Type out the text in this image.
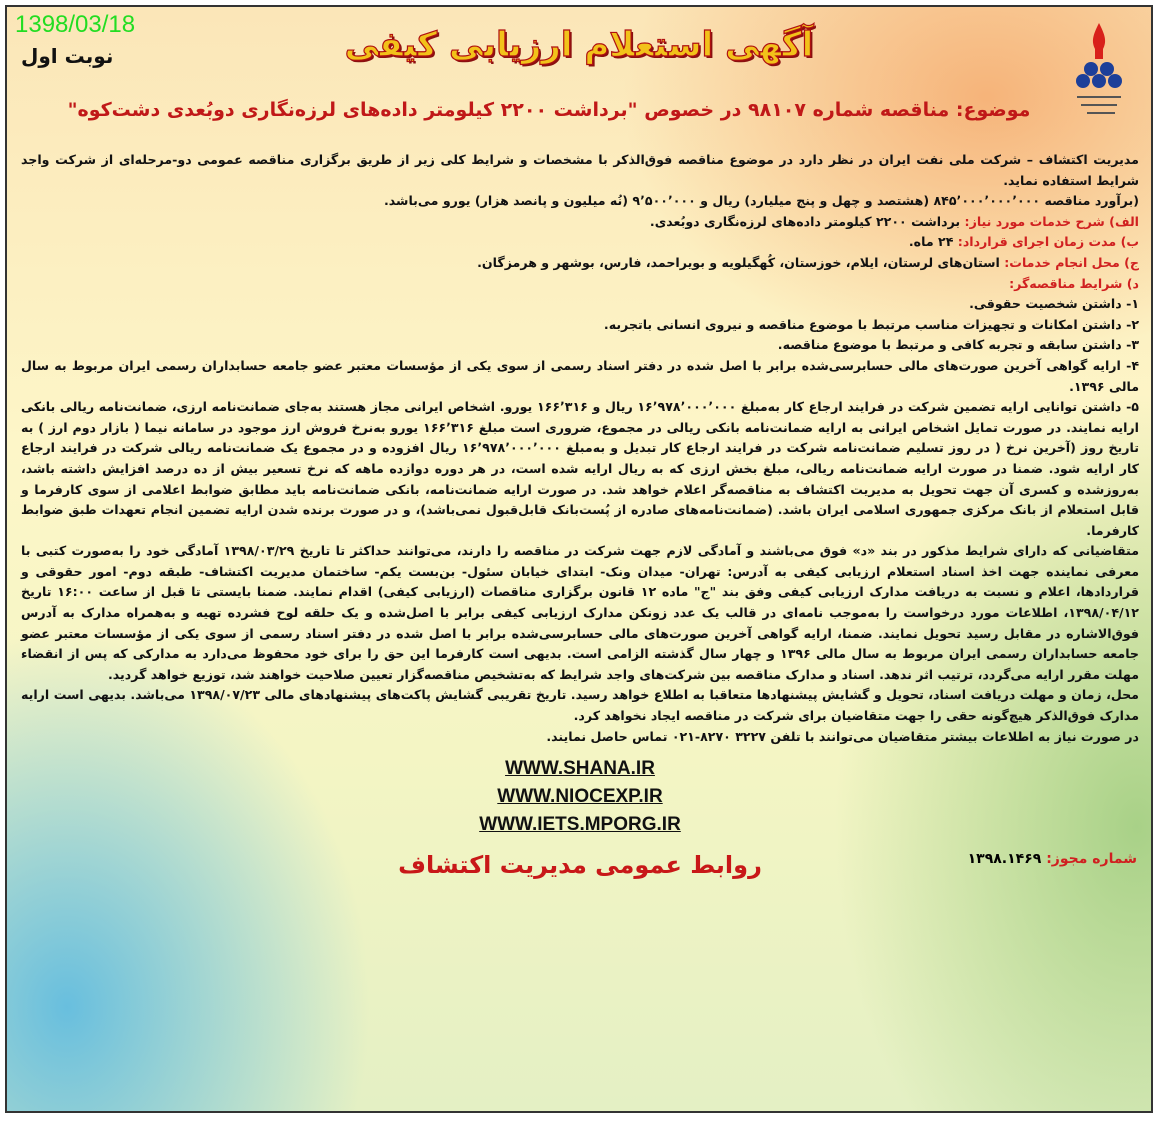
1398/03/18
نوبت اول	آگهی استعلام ارزیابی کیفی
موضوع: مناقصه شماره ۹۸۱۰۷ در خصوص "برداشت ۲۲۰۰ کیلومتر داده‌های لرزه‌نگاری دوبُعدی دشت‌کوه"

مدیریت اکتشاف – شرکت ملی نفت ایران در نظر دارد در موضوع مناقصه فوق‌الذکر با مشخصات و شرایط کلی زیر از طریق برگزاری مناقصه عمومی دو-مرحله‌ای از شرکت واجد شرایط استفاده نماید.

(برآورد مناقصه ۸۴۵٬۰۰۰٬۰۰۰٬۰۰۰ (هشتصد و چهل و پنج میلیارد) ریال و ۹٬۵۰۰٬۰۰۰ (نُه میلیون و پانصد هزار) یورو می‌باشد.

الف) شرح خدمات مورد نیاز: برداشت ۲۲۰۰ کیلومتر داده‌های لرزه‌نگاری دوبُعدی.

ب) مدت زمان اجرای قرارداد: ۲۴ ماه.

ج) محل انجام خدمات: استان‌های لرستان، ایلام، خوزستان، کُهگیلویه و بویراحمد، فارس، بوشهر و هرمزگان.

د) شرایط مناقصه‌گر:

۱- داشتن شخصیت حقوقی.

۲- داشتن امکانات و تجهیزات مناسب مرتبط با موضوع مناقصه و نیروی انسانی باتجربه.

۳- داشتن سابقه و تجربه کافی و مرتبط با موضوع مناقصه.

۴- ارایه گواهی آخرین صورت‌های مالی حسابرسی‌شده برابر با اصل شده در دفتر اسناد رسمی از سوی یکی از مؤسسات معتبر عضو جامعه حسابداران رسمی ایران مربوط به سال مالی ۱۳۹۶.

۵- داشتن توانایی ارایه تضمین شرکت در فرایند ارجاع کار به‌مبلغ ۱۶٬۹۷۸٬۰۰۰٬۰۰۰ ریال و ۱۶۶٬۳۱۶ یورو. اشخاص ایرانی مجاز هستند به‌جای ضمانت‌نامه ارزی، ضمانت‌نامه ریالی بانکی ارایه نمایند. در صورت تمایل اشخاص ایرانی به ارایه ضمانت‌نامه بانکی ریالی در مجموع، ضروری است مبلغ ۱۶۶٬۳۱۶ یورو به‌نرخ فروش ارز موجود در سامانه نیما ( بازار دوم ارز ) به تاریخ روز (آخرین نرخ ( در روز تسلیم ضمانت‌نامه شرکت در فرایند ارجاع کار تبدیل و به‌مبلغ ۱۶٬۹۷۸٬۰۰۰٬۰۰۰ ریال افزوده و در مجموع یک ضمانت‌نامه ریالی شرکت در فرایند ارجاع کار ارایه شود. ضمنا در صورت ارایه ضمانت‌نامه ریالی، مبلغ بخش ارزی که به ریال ارایه شده است، در هر دوره دوازده ماهه که نرخ تسعیر بیش از ده درصد افزایش داشته باشد، به‌روزشده و کسری آن جهت تحویل به مدیریت اکتشاف به مناقصه‌گر اعلام خواهد شد. در صورت ارایه ضمانت‌نامه، بانکی ضمانت‌نامه باید مطابق ضوابط اعلامی از سوی کارفرما و قابل استعلام از بانک مرکزی جمهوری اسلامی ایران باشد. (ضمانت‌نامه‌های صادره از پُست‌بانک قابل‌قبول نمی‌باشد)، و در صورت برنده شدن ارایه تضمین انجام تعهدات طبق ضوابط کارفرما.

متقاضیانی که دارای شرایط مذکور در بند «د» فوق می‌باشند و آمادگی لازم جهت شرکت در مناقصه را دارند، می‌توانند حداکثر تا تاریخ ۱۳۹۸/۰۳/۲۹ آمادگی خود را به‌صورت کتبی با معرفی نماینده جهت اخذ اسناد استعلام ارزیابی کیفی به آدرس: تهران- میدان ونک- ابتدای خیابان سئول- بن‌بست یکم- ساختمان مدیریت اکتشاف- طبقه دوم- امور حقوقی و قراردادها، اعلام و نسبت به دریافت مدارک ارزیابی کیفی وفق بند "ج" ماده ۱۲ قانون برگزاری مناقصات (ارزیابی کیفی) اقدام نمایند. ضمنا بایستی تا قبل از ساعت ۱۶:۰۰ تاریخ ۱۳۹۸/۰۴/۱۲، اطلاعات مورد درخواست را به‌موجب نامه‌ای در قالب یک عدد زونکن مدارک ارزیابی کیفی برابر با اصل‌شده و یک حلقه لوح فشرده تهیه و به‌همراه مدارک به آدرس فوق‌الاشاره در مقابل رسید تحویل نمایند. ضمنا، ارایه گواهی آخرین صورت‌های مالی حسابرسی‌شده برابر با اصل شده در دفتر اسناد رسمی از سوی یکی از مؤسسات معتبر عضو جامعه حسابداران رسمی ایران مربوط به سال مالی ۱۳۹۶ و چهار سال گذشته الزامی است. بدیهی است کارفرما این حق را برای خود محفوظ می‌دارد به مدارکی که پس از انقضاء مهلت مقرر ارایه می‌گردد، ترتیب اثر ندهد. اسناد و مدارک مناقصه بین شرکت‌های واجد شرایط که به‌تشخیص مناقصه‌گزار تعیین صلاحیت خواهند شد، توزیع خواهد گردید.

محل، زمان و مهلت دریافت اسناد، تحویل و گشایش پیشنهادها متعاقبا به اطلاع خواهد رسید. تاریخ تقریبی گشایش پاکت‌های پیشنهادهای مالی ۱۳۹۸/۰۷/۲۳ می‌باشد. بدیهی است ارایه مدارک فوق‌الذکر هیچ‌گونه حقی را جهت متقاضیان برای شرکت در مناقصه ایجاد نخواهد کرد.

در صورت نیاز به اطلاعات بیشتر متقاضیان می‌توانند با تلفن ۳۲۲۷ ۸۲۷۰-۰۲۱ تماس حاصل نمایند.

WWW.SHANA.IR
WWW.NIOCEXP.IR
WWW.IETS.MPORG.IR
شماره مجوز: ۱۳۹۸.۱۴۶۹
روابط عمومی مدیریت اکتشاف
